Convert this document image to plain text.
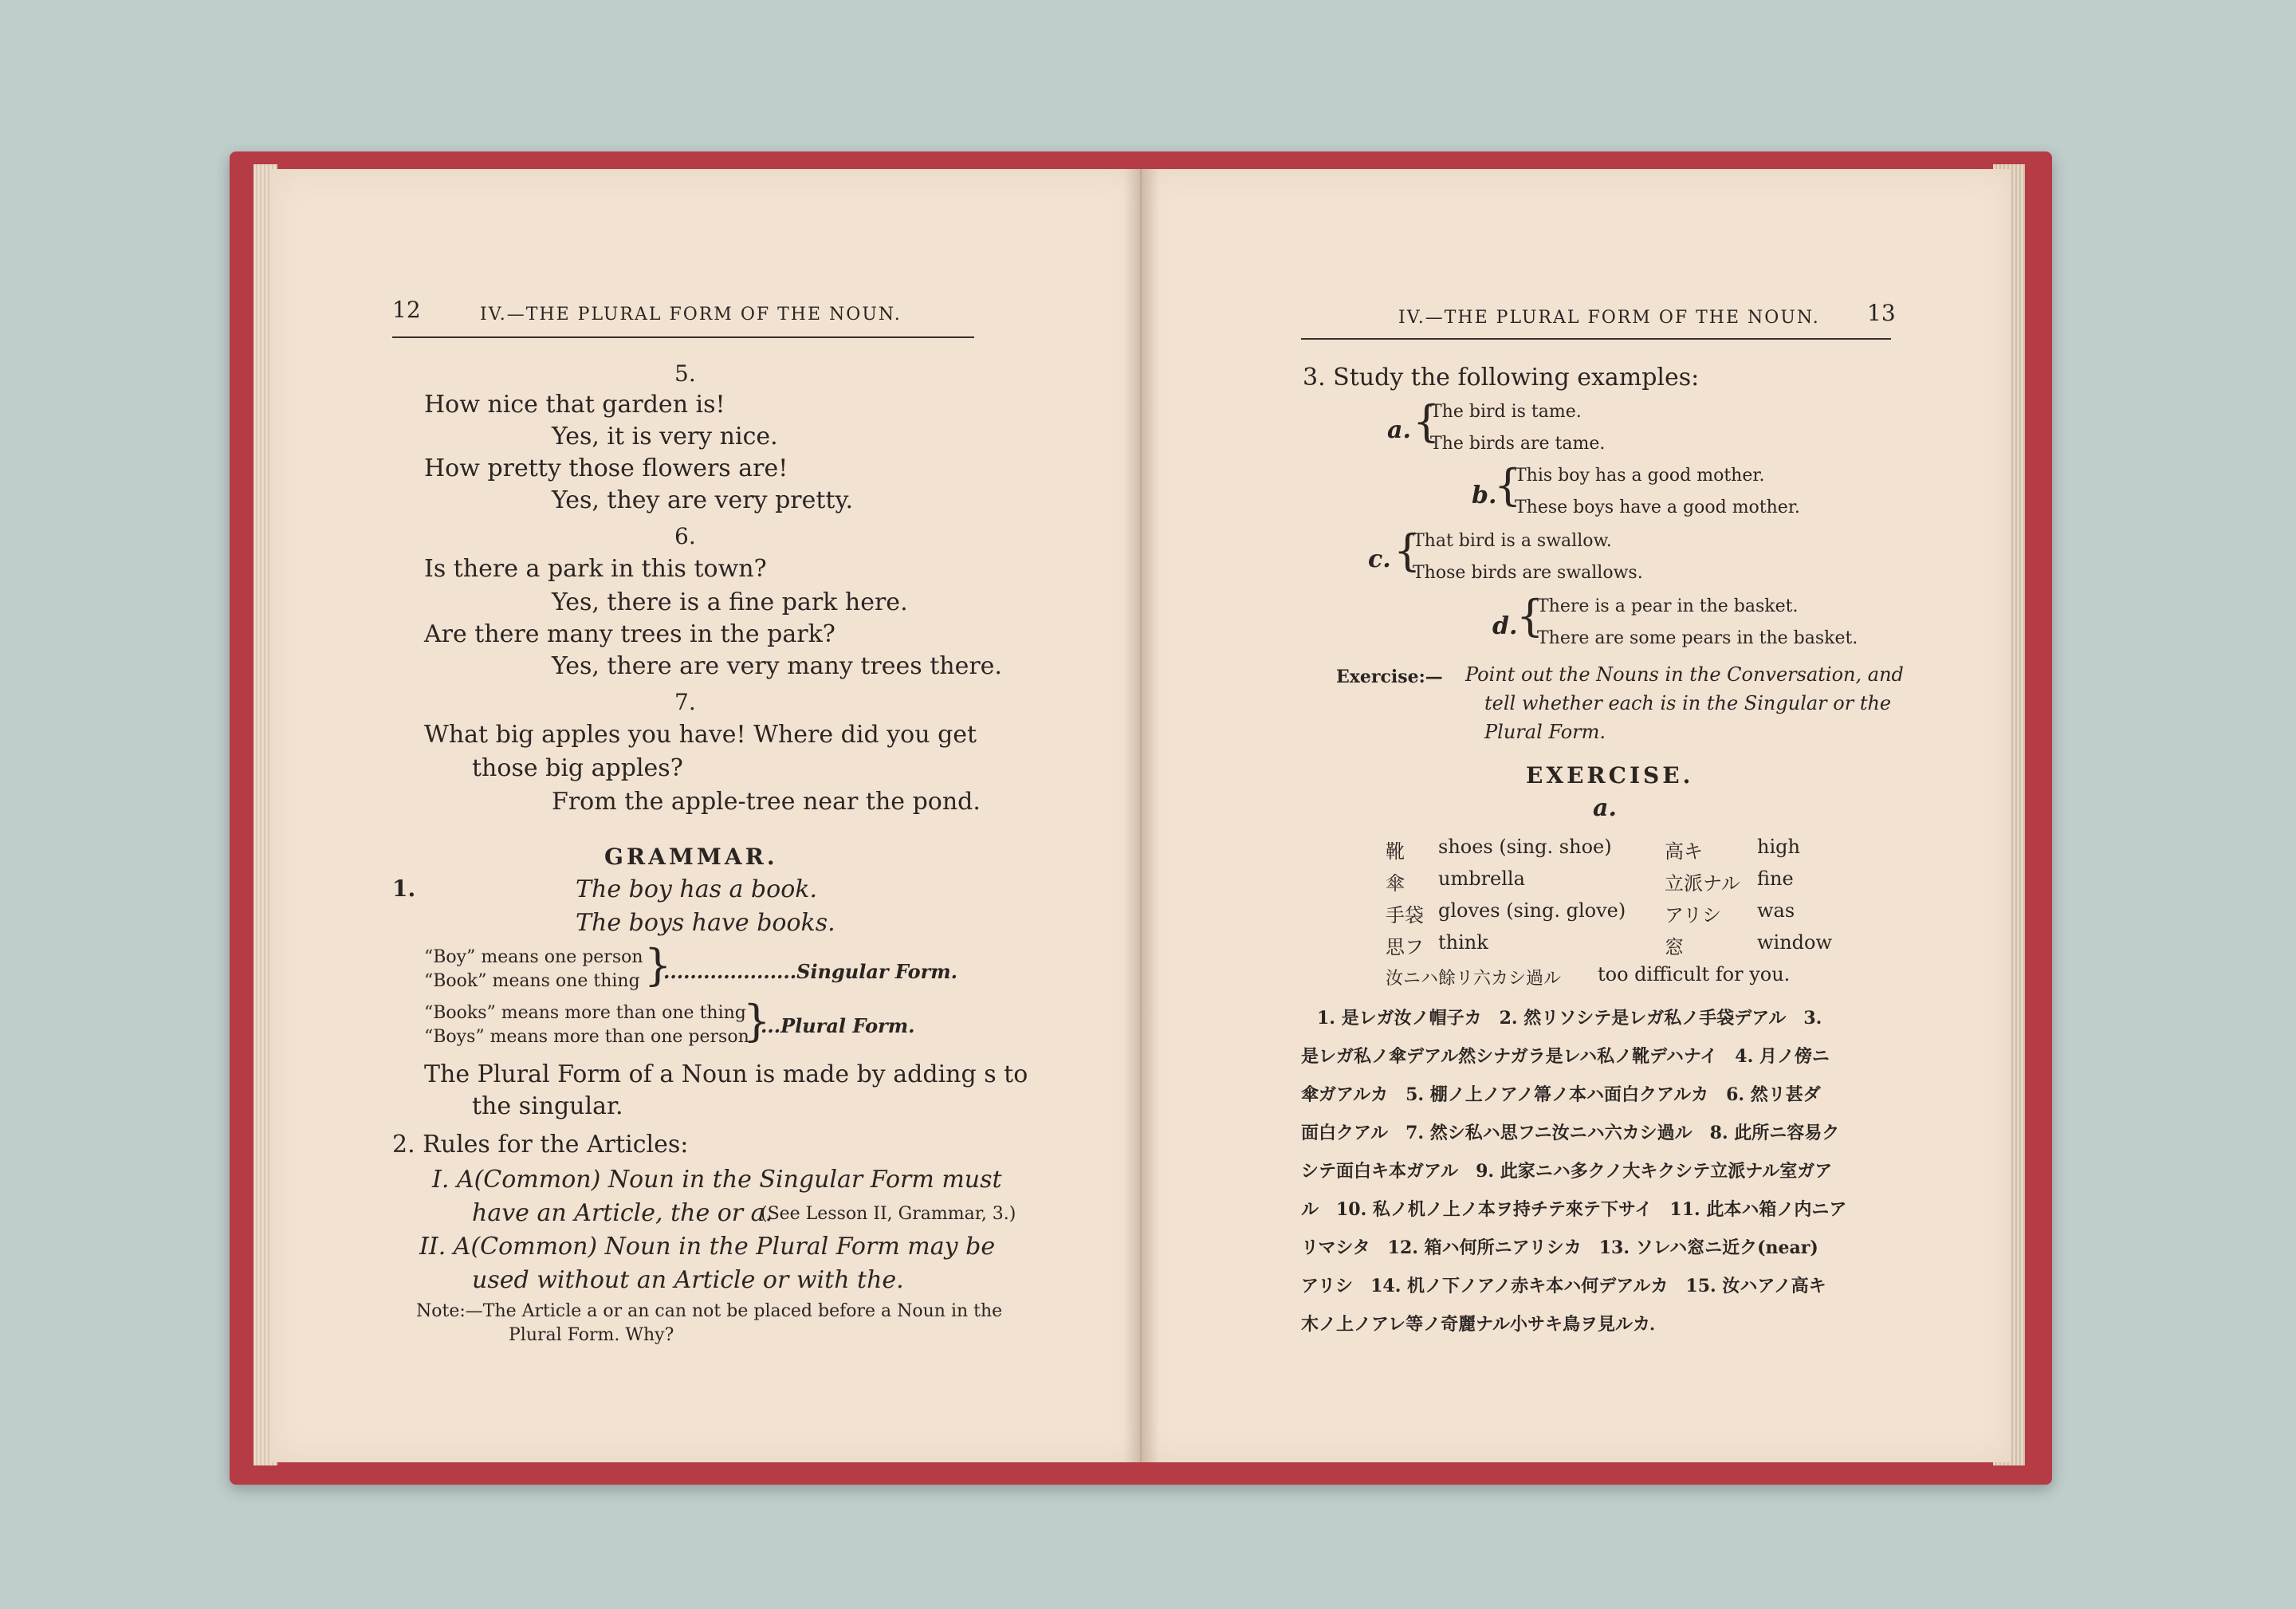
12	IV.—THE PLURAL FORM OF THE NOUN.
5.
How nice that garden is!
Yes, it is very nice.
How pretty those flowers are!
Yes, they are very pretty.
6.
Is there a park in this town?
Yes, there is a fine park here.
Are there many trees in the park?
Yes, there are very many trees there.
7.
What big apples you have! Where did you get
those big apples?
From the apple-tree near the pond.
GRAMMAR.
1.	The boy has a book.
The boys have books.
“Boy” means one person
“Book” means one thing }
....................Singular Form.
“Books” means more than one thing
“Boys” means more than one person
}
...Plural Form.
The Plural Form of a Noun is made by adding s to
the singular.
2. Rules for the Articles:
I. A(Common) Noun in the Singular Form must
have an Article, the or a.
(See Lesson II, Grammar, 3.)
II. A(Common) Noun in the Plural Form may be
used without an Article or with the.
Note:—The Article a or an can not be placed before a Noun in the
Plural Form. Why?
IV.—THE PLURAL FORM OF THE NOUN. 13
3. Study the following examples:
a. {
The bird is tame.
The birds are tame.
b.
{
This boy has a good mother.
These boys have a good mother.
c. {
That bird is a swallow.
Those birds are swallows.
d.
{
There is a pear in the basket.
There are some pears in the basket.
Exercise:— Point out the Nouns in the Conversation, and
tell whether each is in the Singular or the
Plural Form.
EXERCISE.
a.
靴 shoes (sing. shoe)	高キ	high
傘 umbrella	立派ナル fine
手袋 gloves (sing. glove) アリシ was
思フ think	窓	window
汝ニハ餘リ六カシ過ル too difficult for you.
1. 是レガ汝ノ帽子カ　2. 然リソシテ是レガ私ノ手袋デアル　3.
是レガ私ノ傘デアル然シナガラ是レハ私ノ靴デハナイ　4. 月ノ傍ニ
傘ガアルカ　5. 棚ノ上ノアノ箒ノ本ハ面白クアルカ　6. 然リ甚ダ
面白クアル　7. 然シ私ハ思フニ汝ニハ六カシ過ル　8. 此所ニ容易ク
シテ面白キ本ガアル　9. 此家ニハ多クノ大キクシテ立派ナル室ガア
ル　10. 私ノ机ノ上ノ本ヲ持チテ來テ下サイ　11. 此本ハ箱ノ内ニア
リマシタ　12. 箱ハ何所ニアリシカ　13. ソレハ窓ニ近ク(near)
アリシ　14. 机ノ下ノアノ赤キ本ハ何デアルカ　15. 汝ハアノ高キ
木ノ上ノアレ等ノ奇麗ナル小サキ鳥ヲ見ルカ．
